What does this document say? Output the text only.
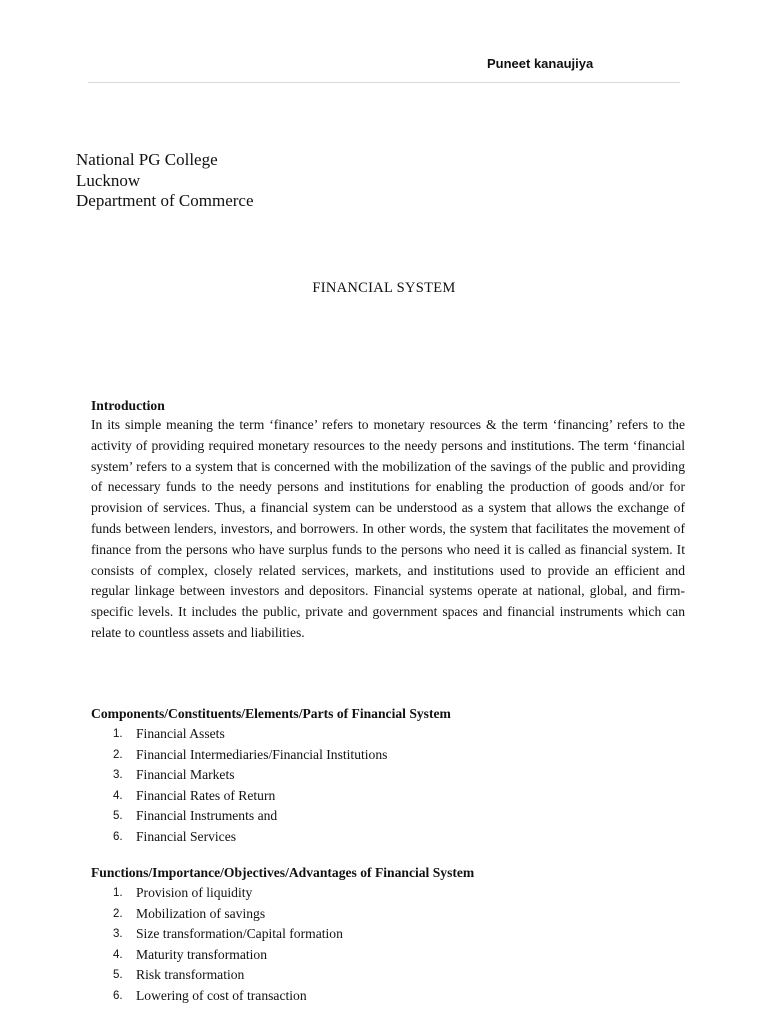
Puneet kanaujiya
National PG College
Lucknow
Department of Commerce
FINANCIAL SYSTEM
Introduction

In its simple meaning the term ‘finance’ refers to monetary resources & the term ‘financing’ refers to the activity of providing required monetary resources to the needy persons and institutions. The term ‘financial system’ refers to a system that is concerned with the mobilization of the savings of the public and providing of necessary funds to the needy persons and institutions for enabling the production of goods and/or for provision of services. Thus, a financial system can be understood as a system that allows the exchange of funds between lenders, investors, and borrowers. In other words, the system that facilitates the movement of finance from the persons who have surplus funds to the persons who need it is called as financial system. It consists of complex, closely related services, markets, and institutions used to provide an efficient and regular linkage between investors and depositors. Financial systems operate at national, global, and firm-specific levels. It includes the public, private and government spaces and financial instruments which can relate to countless assets and liabilities.

Components/Constituents/Elements/Parts of Financial System
1. Financial Assets
2. Financial Intermediaries/Financial Institutions
3. Financial Markets
4. Financial Rates of Return
5. Financial Instruments and
6. Financial Services
Functions/Importance/Objectives/Advantages of Financial System
1. Provision of liquidity
2. Mobilization of savings
3. Size transformation/Capital formation
4. Maturity transformation
5. Risk transformation
6. Lowering of cost of transaction
